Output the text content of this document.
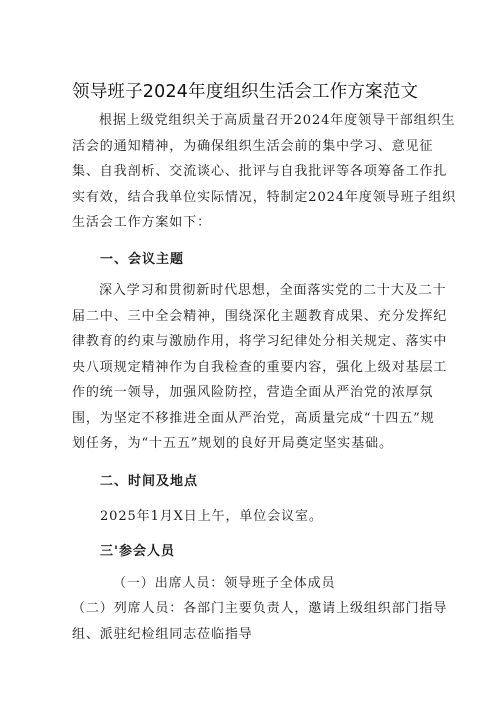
领导班子2024年度组织生活会工作方案范文
根据上级党组织关于高质量召开2024年度领导干部组织生
活会的通知精神，为确保组织生活会前的集中学习、意见征
集、自我剖析、交流谈心、批评与自我批评等各项筹备工作扎
实有效，结合我单位实际情况，特制定2024年度领导班子组织
生活会工作方案如下：
一、会议主题
深入学习和贯彻新时代思想，全面落实党的二十大及二十
届二中、三中全会精神，围绕深化主题教育成果、充分发挥纪
律教育的约束与激励作用，将学习纪律处分相关规定、落实中
央八项规定精神作为自我检查的重要内容，强化上级对基层工
作的统一领导，加强风险防控，营造全面从严治党的浓厚氛
围，为坚定不移推进全面从严治党，高质量完成“十四五”规
划任务，为“十五五”规划的良好开局奠定坚实基础。
二、时间及地点
2025年1月X日上午，单位会议室。
三'参会人员
（一）出席人员：领导班子全体成员
（二）列席人员：各部门主要负责人，邀请上级组织部门指导
组、派驻纪检组同志莅临指导
